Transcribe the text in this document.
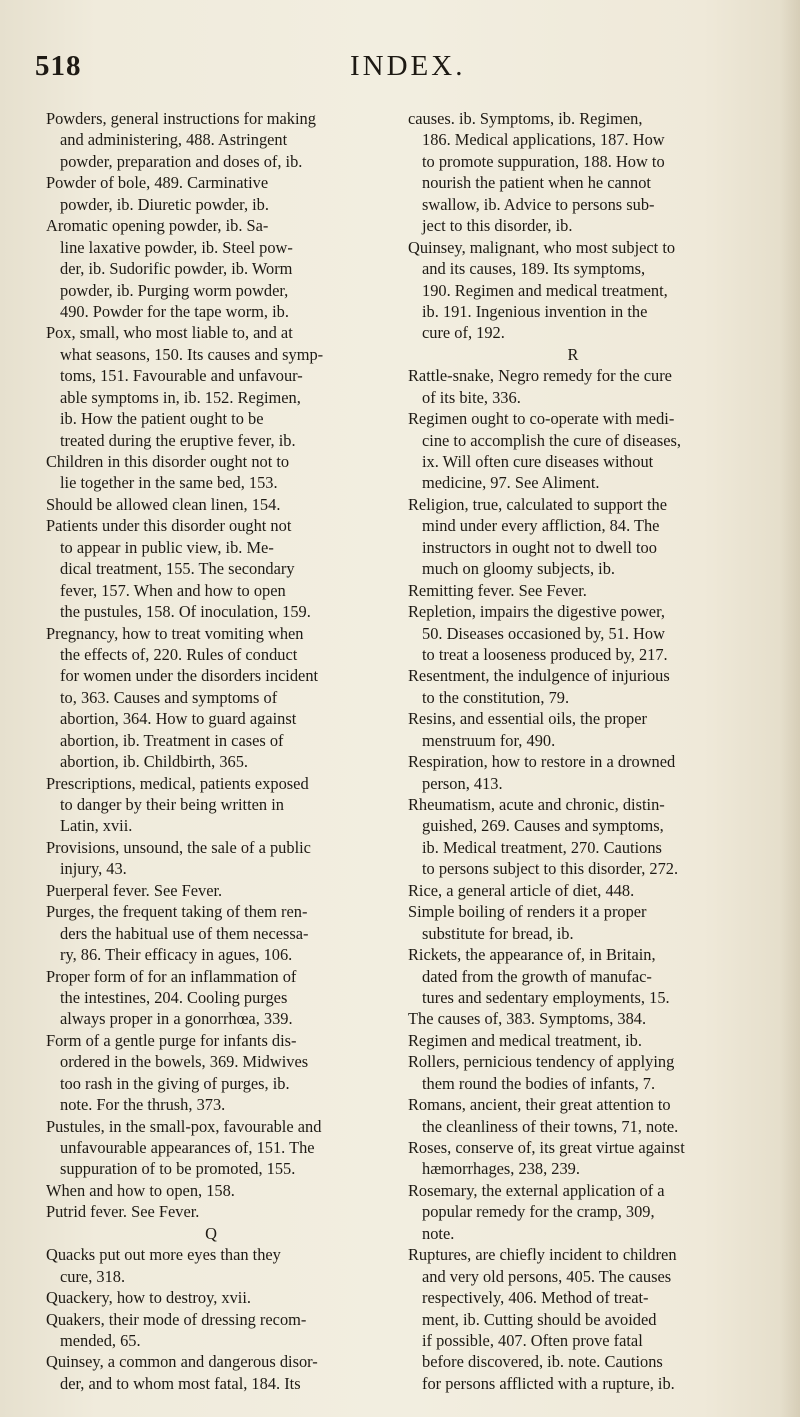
518	INDEX.
Powders, general instructions for making
and administering, 488. Astringent
powder, preparation and doses of, ib.
Powder of bole, 489. Carminative
powder, ib. Diuretic powder, ib.
Aromatic opening powder, ib. Sa-
line laxative powder, ib. Steel pow-
der, ib. Sudorific powder, ib. Worm
powder, ib. Purging worm powder,
490. Powder for the tape worm, ib.
Pox, small, who most liable to, and at
what seasons, 150. Its causes and symp-
toms, 151. Favourable and unfavour-
able symptoms in, ib. 152. Regimen,
ib. How the patient ought to be
treated during the eruptive fever, ib.
Children in this disorder ought not to
lie together in the same bed, 153.
Should be allowed clean linen, 154.
Patients under this disorder ought not
to appear in public view, ib. Me-
dical treatment, 155. The secondary
fever, 157. When and how to open
the pustules, 158. Of inoculation, 159.
Pregnancy, how to treat vomiting when
the effects of, 220. Rules of conduct
for women under the disorders incident
to, 363. Causes and symptoms of
abortion, 364. How to guard against
abortion, ib. Treatment in cases of
abortion, ib. Childbirth, 365.
Prescriptions, medical, patients exposed
to danger by their being written in
Latin, xvii.
Provisions, unsound, the sale of a public
injury, 43.
Puerperal fever. See Fever.
Purges, the frequent taking of them ren-
ders the habitual use of them necessa-
ry, 86. Their efficacy in agues, 106.
Proper form of for an inflammation of
the intestines, 204. Cooling purges
always proper in a gonorrhœa, 339.
Form of a gentle purge for infants dis-
ordered in the bowels, 369. Midwives
too rash in the giving of purges, ib.
note. For the thrush, 373.
Pustules, in the small-pox, favourable and
unfavourable appearances of, 151. The
suppuration of to be promoted, 155.
When and how to open, 158.
Putrid fever. See Fever.
Q
Quacks put out more eyes than they
cure, 318.
Quackery, how to destroy, xvii.
Quakers, their mode of dressing recom-
mended, 65.
Quinsey, a common and dangerous disor-
der, and to whom most fatal, 184. Its
causes. ib. Symptoms, ib. Regimen,
186. Medical applications, 187. How
to promote suppuration, 188. How to
nourish the patient when he cannot
swallow, ib. Advice to persons sub-
ject to this disorder, ib.
Quinsey, malignant, who most subject to
and its causes, 189. Its symptoms,
190. Regimen and medical treatment,
ib. 191. Ingenious invention in the
cure of, 192.
R
Rattle-snake, Negro remedy for the cure
of its bite, 336.
Regimen ought to co-operate with medi-
cine to accomplish the cure of diseases,
ix. Will often cure diseases without
medicine, 97. See Aliment.
Religion, true, calculated to support the
mind under every affliction, 84. The
instructors in ought not to dwell too
much on gloomy subjects, ib.
Remitting fever. See Fever.
Repletion, impairs the digestive power,
50. Diseases occasioned by, 51. How
to treat a looseness produced by, 217.
Resentment, the indulgence of injurious
to the constitution, 79.
Resins, and essential oils, the proper
menstruum for, 490.
Respiration, how to restore in a drowned
person, 413.
Rheumatism, acute and chronic, distin-
guished, 269. Causes and symptoms,
ib. Medical treatment, 270. Cautions
to persons subject to this disorder, 272.
Rice, a general article of diet, 448.
Simple boiling of renders it a proper
substitute for bread, ib.
Rickets, the appearance of, in Britain,
dated from the growth of manufac-
tures and sedentary employments, 15.
The causes of, 383. Symptoms, 384.
Regimen and medical treatment, ib.
Rollers, pernicious tendency of applying
them round the bodies of infants, 7.
Romans, ancient, their great attention to
the cleanliness of their towns, 71, note.
Roses, conserve of, its great virtue against
hæmorrhages, 238, 239.
Rosemary, the external application of a
popular remedy for the cramp, 309,
note.
Ruptures, are chiefly incident to children
and very old persons, 405. The causes
respectively, 406. Method of treat-
ment, ib. Cutting should be avoided
if possible, 407. Often prove fatal
before discovered, ib. note. Cautions
for persons afflicted with a rupture, ib.
